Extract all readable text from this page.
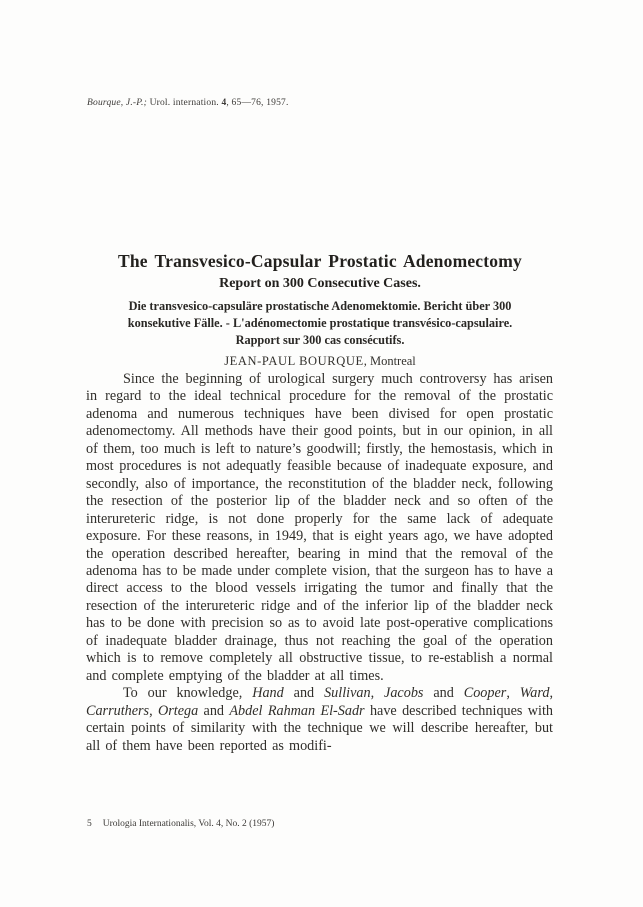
Bourque, J.-P.; Urol. internation. 4, 65—76, 1957.
The Transvesico-Capsular Prostatic Adenomectomy
Report on 300 Consecutive Cases.
Die transvesico-capsuläre prostatische Adenomektomie. Bericht über 300
konsekutive Fälle. - L'adénomectomie prostatique transvésico-capsulaire.
Rapport sur 300 cas consécutifs.
JEAN-PAUL BOURQUE, Montreal

Since the beginning of urological surgery much controversy has arisen in regard to the ideal technical procedure for the removal of the prostatic adenoma and numerous techniques have been divised for open prostatic adenomectomy. All methods have their good points, but in our opinion, in all of them, too much is left to nature’s goodwill; firstly, the hemostasis, which in most procedures is not adequatly feasible because of inadequate exposure, and secondly, also of importance, the reconstitution of the bladder neck, following the resection of the posterior lip of the bladder neck and so often of the interureteric ridge, is not done properly for the same lack of adequate exposure. For these reasons, in 1949, that is eight years ago, we have adopted the operation described hereafter, bearing in mind that the removal of the adenoma has to be made under complete vision, that the surgeon has to have a direct access to the blood vessels irrigating the tumor and finally that the resection of the interureteric ridge and of the inferior lip of the bladder neck has to be done with precision so as to avoid late post-operative complications of inadequate bladder drainage, thus not reaching the goal of the operation which is to remove completely all obstructive tissue, to re-establish a normal and complete emptying of the bladder at all times.

To our knowledge, Hand and Sullivan, Jacobs and Cooper, Ward, Carruthers, Ortega and Abdel Rahman El-Sadr have described techniques with certain points of similarity with the technique we will describe hereafter, but all of them have been reported as modifi-

5 Urologia Internationalis, Vol. 4, No. 2 (1957)
